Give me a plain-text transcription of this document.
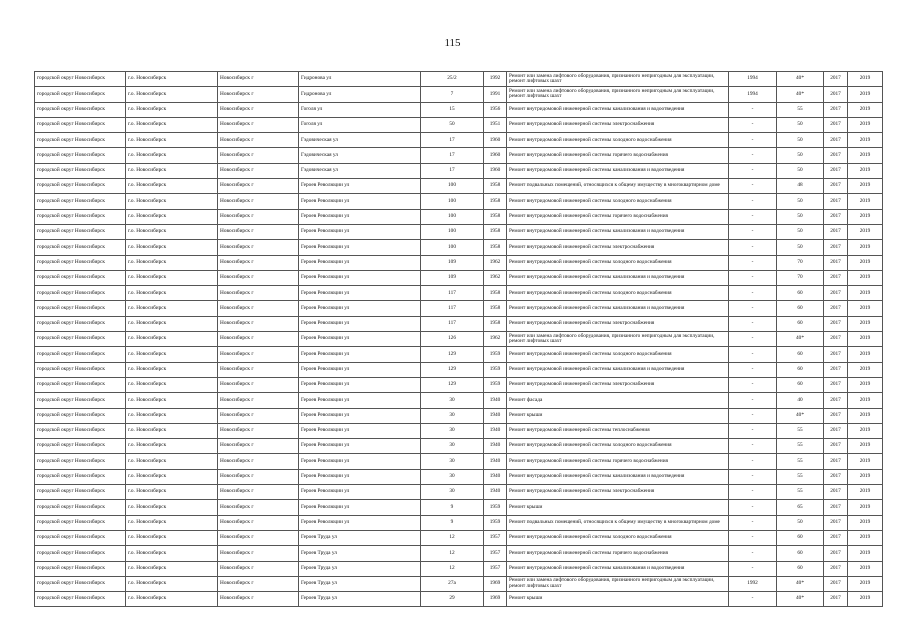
115
городской округ Новосибирск	г.о. Новосибирск	Новосибирск г	Гидронова ул	25/2	1992	Ремонт или замена лифтового оборудования, признанного непригодным для эксплуатации, ремонт лифтовых шахт	1994	40*	2017	2019
городской округ Новосибирск	г.о. Новосибирск	Новосибирск г	Гидронова ул	7	1991	Ремонт или замена лифтового оборудования, признанного непригодным для эксплуатации, ремонт лифтовых шахт	1994	40*	2017	2019
городской округ Новосибирск	г.о. Новосибирск	Новосибирск г	Гоголя ул	15	1956	Ремонт внутридомовой инженерной системы канализования и водоотведения	-	55	2017	2019
городской округ Новосибирск	г.о. Новосибирск	Новосибирск г	Гоголя ул	50	1951	Ремонт внутридомовой инженерной системы электроснабжения	-	50	2017	2019
городской округ Новосибирск	г.о. Новосибирск	Новосибирск г	Гэдовическая ул	17	1960	Ремонт внутридомовой инженерной системы холодного водоснабжения	-	50	2017	2019
городской округ Новосибирск	г.о. Новосибирск	Новосибирск г	Гэдовическая ул	17	1960	Ремонт внутридомовой инженерной системы горячего водоснабжения	-	50	2017	2019
городской округ Новосибирск	г.о. Новосибирск	Новосибирск г	Гэдовическая ул	17	1960	Ремонт внутридомовой инженерной системы канализования и водоотведения	-	50	2017	2019
городской округ Новосибирск	г.о. Новосибирск	Новосибирск г	Героев Революции ул	100	1958	Ремонт подвальных помещений, относящихся к общему имуществу в многоквартирном доме	-	48	2017	2019
городской округ Новосибирск	г.о. Новосибирск	Новосибирск г	Героев Революции ул	100	1958	Ремонт внутридомовой инженерной системы холодного водоснабжения	-	50	2017	2019
городской округ Новосибирск	г.о. Новосибирск	Новосибирск г	Героев Революции ул	100	1958	Ремонт внутридомовой инженерной системы горячего водоснабжения	-	50	2017	2019
городской округ Новосибирск	г.о. Новосибирск	Новосибирск г	Героев Революции ул	100	1958	Ремонт внутридомовой инженерной системы канализования и водоотведения	-	50	2017	2019
городской округ Новосибирск	г.о. Новосибирск	Новосибирск г	Героев Революции ул	100	1958	Ремонт внутридомовой инженерной системы электроснабжения	-	50	2017	2019
городской округ Новосибирск	г.о. Новосибирск	Новосибирск г	Героев Революции ул	109	1962	Ремонт внутридомовой инженерной системы холодного водоснабжения	-	70	2017	2019
городской округ Новосибирск	г.о. Новосибирск	Новосибирск г	Героев Революции ул	109	1962	Ремонт внутридомовой инженерной системы канализования и водоотведения	-	70	2017	2019
городской округ Новосибирск	г.о. Новосибирск	Новосибирск г	Героев Революции ул	117	1958	Ремонт внутридомовой инженерной системы холодного водоснабжения	-	60	2017	2019
городской округ Новосибирск	г.о. Новосибирск	Новосибирск г	Героев Революции ул	117	1958	Ремонт внутридомовой инженерной системы канализования и водоотведения	-	60	2017	2019
городской округ Новосибирск	г.о. Новосибирск	Новосибирск г	Героев Революции ул	117	1958	Ремонт внутридомовой инженерной системы электроснабжения	-	60	2017	2019
городской округ Новосибирск	г.о. Новосибирск	Новосибирск г	Героев Революции ул	126	1962	Ремонт или замена лифтового оборудования, признанного непригодным для эксплуатации, ремонт лифтовых шахт	-	40*	2017	2019
городской округ Новосибирск	г.о. Новосибирск	Новосибирск г	Героев Революции ул	129	1959	Ремонт внутридомовой инженерной системы холодного водоснабжения	-	60	2017	2019
городской округ Новосибирск	г.о. Новосибирск	Новосибирск г	Героев Революции ул	129	1959	Ремонт внутридомовой инженерной системы канализования и водоотведения	-	60	2017	2019
городской округ Новосибирск	г.о. Новосибирск	Новосибирск г	Героев Революции ул	129	1959	Ремонт внутридомовой инженерной системы электроснабжения	-	60	2017	2019
городской округ Новосибирск	г.о. Новосибирск	Новосибирск г	Героев Революции ул	30	1940	Ремонт фасада	-	40	2017	2019
городской округ Новосибирск	г.о. Новосибирск	Новосибирск г	Героев Революции ул	30	1940	Ремонт крыши	-	40*	2017	2019
городской округ Новосибирск	г.о. Новосибирск	Новосибирск г	Героев Революции ул	30	1940	Ремонт внутридомовой инженерной системы теплоснабжения	-	55	2017	2019
городской округ Новосибирск	г.о. Новосибирск	Новосибирск г	Героев Революции ул	30	1940	Ремонт внутридомовой инженерной системы холодного водоснабжения	-	55	2017	2019
городской округ Новосибирск	г.о. Новосибирск	Новосибирск г	Героев Революции ул	30	1940	Ремонт внутридомовой инженерной системы горячего водоснабжения	-	55	2017	2019
городской округ Новосибирск	г.о. Новосибирск	Новосибирск г	Героев Революции ул	30	1940	Ремонт внутридомовой инженерной системы канализования и водоотведения	-	55	2017	2019
городской округ Новосибирск	г.о. Новосибирск	Новосибирск г	Героев Революции ул	30	1940	Ремонт внутридомовой инженерной системы электроснабжения	-	55	2017	2019
городской округ Новосибирск	г.о. Новосибирск	Новосибирск г	Героев Революции ул	9	1959	Ремонт крыши	-	65	2017	2019
городской округ Новосибирск	г.о. Новосибирск	Новосибирск г	Героев Революции ул	9	1959	Ремонт подвальных помещений, относящихся к общему имуществу в многоквартирном доме	-	50	2017	2019
городской округ Новосибирск	г.о. Новосибирск	Новосибирск г	Героев Труда ул	12	1957	Ремонт внутридомовой инженерной системы холодного водоснабжения	-	60	2017	2019
городской округ Новосибирск	г.о. Новосибирск	Новосибирск г	Героев Труда ул	12	1957	Ремонт внутридомовой инженерной системы горячего водоснабжения	-	60	2017	2019
городской округ Новосибирск	г.о. Новосибирск	Новосибирск г	Героев Труда ул	12	1957	Ремонт внутридомовой инженерной системы канализования и водоотведения	-	60	2017	2019
городской округ Новосибирск	г.о. Новосибирск	Новосибирск г	Героев Труда ул	27а	1969	Ремонт или замена лифтового оборудования, признанного непригодным для эксплуатации, ремонт лифтовых шахт	1992	40*	2017	2019
городской округ Новосибирск	г.о. Новосибирск	Новосибирск г	Героев Труда ул	29	1969	Ремонт крыши	-	40*	2017	2019
